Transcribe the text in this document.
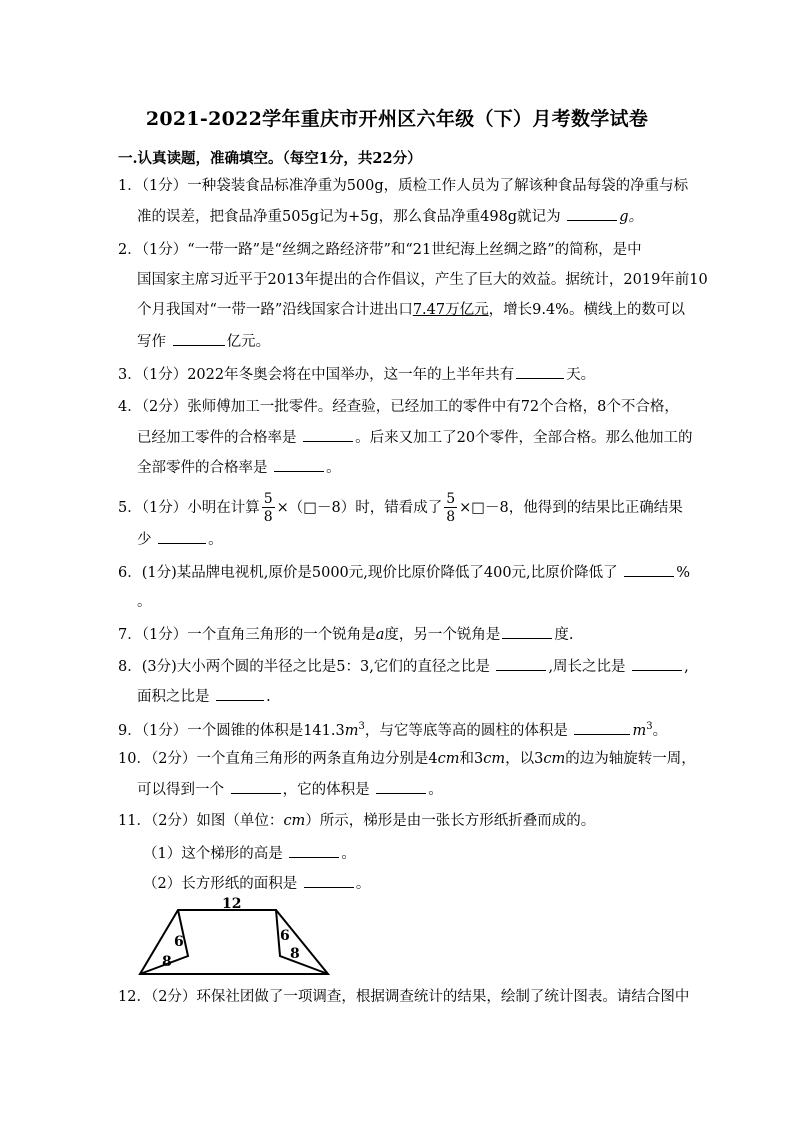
2021-2022学年重庆市开州区六年级（下）月考数学试卷
一.认真读题，准确填空。（每空1分，共22分）
1．（1分）一种袋装食品标准净重为500g，质检工作人员为了解该种食品每袋的净重与标
准的误差，把食品净重505g记为+5g，那么食品净重498g就记为	g。
2．（1分）“一带一路”是“丝绸之路经济带”和“21世纪海上丝绸之路”的简称，是中
国国家主席习近平于2013年提出的合作倡议，产生了巨大的效益。据统计，2019年前10
个月我国对“一带一路”沿线国家合计进出口7.47万亿元，增长9.4%。横线上的数可以
写作	亿元。
3．（1分）2022年冬奥会将在中国举办，这一年的上半年共有	天。
4．（2分）张师傅加工一批零件。经查验，已经加工的零件中有72个合格，8个不合格，
已经加工零件的合格率是	。后来又加工了20个零件，全部合格。那么他加工的
全部零件的合格率是	。
5．（1分）小明在计算 $\frac{5}{8}$ ×（□－8）时，错看成了 $\frac{5}{8}$ ×□－8，他得到的结果比正确结果
少	。
6．(1分)某品牌电视机,原价是5000元,现价比原价降低了400元,比原价降低了	%
。
7．（1分）一个直角三角形的一个锐角是a度，另一个锐角是	度.
8．(3分)大小两个圆的半径之比是5：3,它们的直径之比是	,周长之比是	,
面积之比是	.
9．（1分）一个圆锥的体积是$141.3m^3$，与它等底等高的圆柱的体积是	$m^3$。
10．（2分）一个直角三角形的两条直角边分别是4cm和3cm，以3cm的边为轴旋转一周，
可以得到一个	，它的体积是	。
11．（2分）如图（单位：cm）所示，梯形是由一张长方形纸折叠而成的。
（1）这个梯形的高是	。
（2）长方形纸的面积是	。
12
6
8
6
8
12．（2分）环保社团做了一项调查，根据调查统计的结果，绘制了统计图表。请结合图中
